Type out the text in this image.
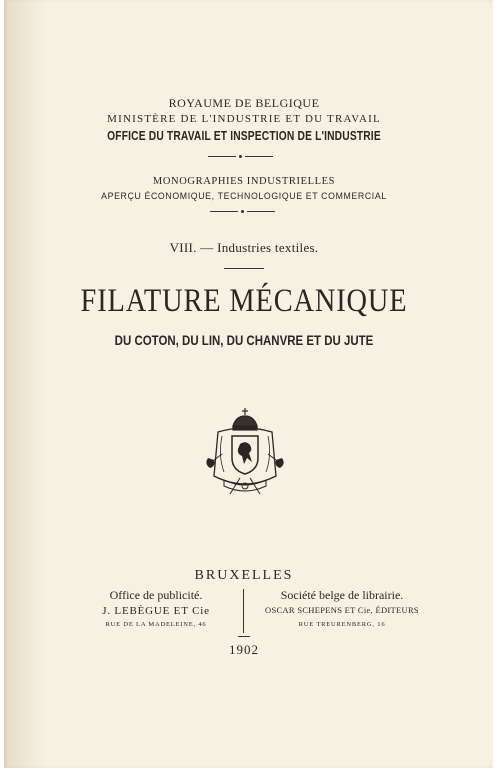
ROYAUME DE BELGIQUE
MINISTÈRE DE L'INDUSTRIE ET DU TRAVAIL
OFFICE DU TRAVAIL ET INSPECTION DE L'INDUSTRIE
MONOGRAPHIES INDUSTRIELLES
APERÇU ÉCONOMIQUE, TECHNOLOGIQUE ET COMMERCIAL
VIII. — Industries textiles.
FILATURE MÉCANIQUE
DU COTON, DU LIN, DU CHANVRE ET DU JUTE
BRUXELLES
Office de publicité.
J. LEBÈGUE ET Cie
RUE DE LA MADELEINE, 46
Société belge de librairie.
OSCAR SCHEPENS ET Cie, ÉDITEURS
RUE TREURENBERG, 16
1902
